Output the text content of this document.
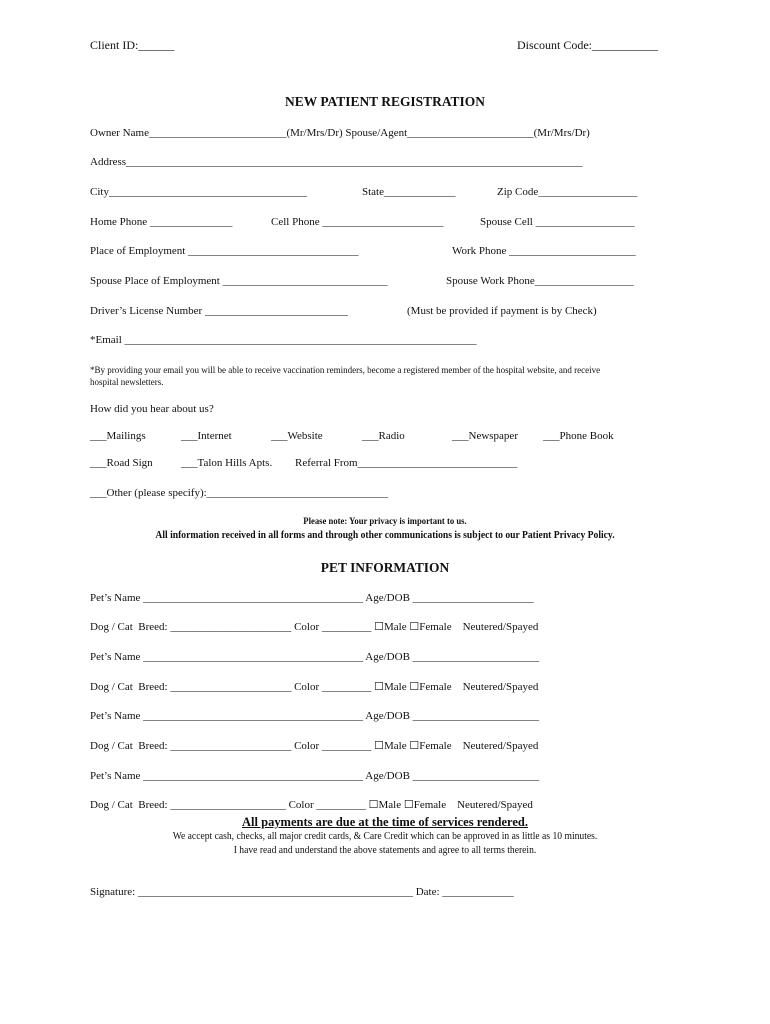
Client ID:______	Discount Code:___________
NEW PATIENT REGISTRATION
Owner Name_________________________(Mr/Mrs/Dr) Spouse/Agent_______________________(Mr/Mrs/Dr)
Address___________________________________________________________________________________
City____________________________________	State_____________	Zip Code__________________
Home Phone _______________	Cell Phone ______________________	Spouse Cell __________________
Place of Employment _______________________________	Work Phone _______________________
Spouse Place of Employment ______________________________	Spouse Work Phone__________________
Driver’s License Number __________________________	(Must be provided if payment is by Check)
*Email ________________________________________________________________
*By providing your email you will be able to receive vaccination reminders, become a registered member of the hospital website, and receive
hospital newsletters.
How did you hear about us?
___Mailings	___Internet	___Website	___Radio	___Newspaper ___Phone Book
___Road Sign	___Talon Hills Apts. Referral From_____________________________
___Other (please specify):_________________________________
Please note: Your privacy is important to us.
All information received in all forms and through other communications is subject to our Patient Privacy Policy.
PET INFORMATION
Pet’s Name ________________________________________ Age/DOB ______________________
Dog / Cat  Breed: ______________________ Color _________ ☐Male ☐Female    Neutered/Spayed
Pet’s Name ________________________________________ Age/DOB _______________________
Dog / Cat  Breed: ______________________ Color _________ ☐Male ☐Female    Neutered/Spayed
Pet’s Name ________________________________________ Age/DOB _______________________
Dog / Cat  Breed: ______________________ Color _________ ☐Male ☐Female    Neutered/Spayed
Pet’s Name ________________________________________ Age/DOB _______________________
Dog / Cat  Breed: _____________________ Color _________ ☐Male ☐Female    Neutered/Spayed
All payments are due at the time of services rendered.
We accept cash, checks, all major credit cards, & Care Credit which can be approved in as little as 10 minutes.
I have read and understand the above statements and agree to all terms therein.
Signature: __________________________________________________ Date: _____________
